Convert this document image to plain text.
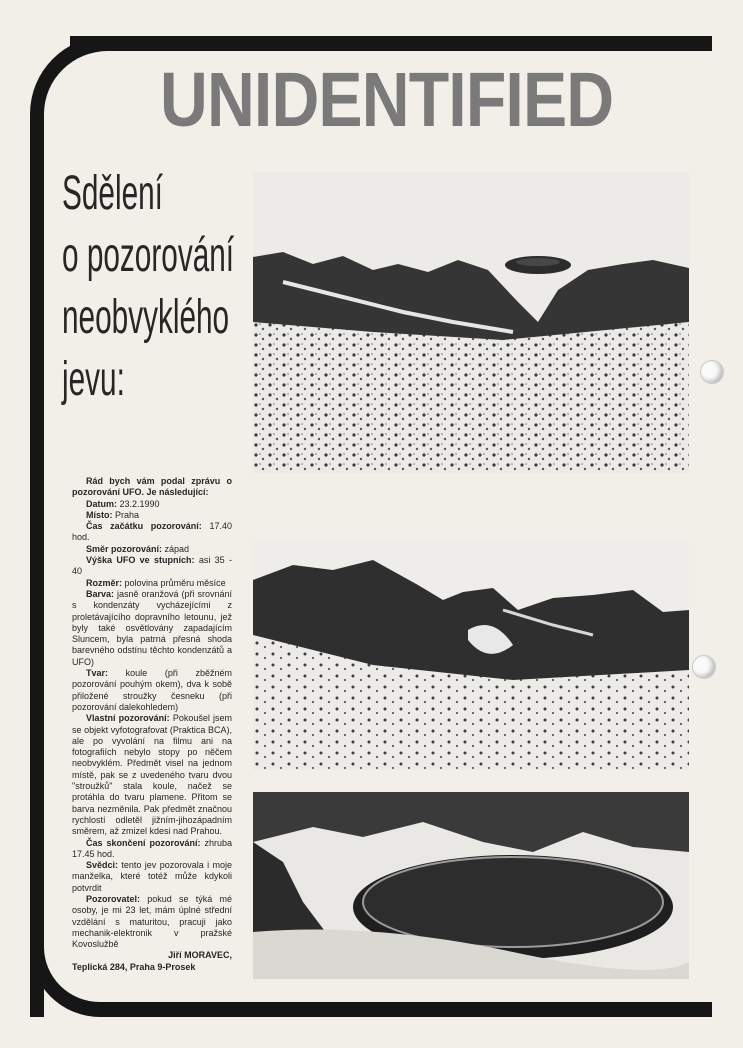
UNIDENTIFIED
Sdělení
o pozorování
neobvyklého
jevu:

Rád bych vám podal zprávu o pozorování UFO. Je následující:

Datum: 23.2.1990

Místo: Praha

Čas začátku pozorování: 17.40 hod.

Směr pozorování: západ

Výška UFO ve stupních: asi 35 - 40

Rozměr: polovina průměru měsíce

Barva: jasně oranžová (při srovnání s kondenzáty vycházejícími z proletávajícího dopravního letounu, jež byly také osvětlovány zapadajícím Sluncem, byla patrná přesná shoda barevného odstínu těchto kondenzátů a UFO)

Tvar: koule (při zběžném pozorování pouhým okem), dva k sobě přiložené stroužky česneku (při pozorování dalekohledem)

Vlastní pozorování: Pokoušel jsem se objekt vyfotografovat (Praktica BCA), ale po vyvolání na filmu ani na fotografiích nebylo stopy po něčem neobvyklém. Předmět visel na jednom místě, pak se z uvedeného tvaru dvou "stroužků" stala koule, načež se protáhla do tvaru plamene. Přitom se barva nezměnila. Pak předmět značnou rychlostí odletěl jižním-jihozápadním směrem, až zmizel kdesi nad Prahou.

Čas skončení pozorování: zhruba 17.45 hod.

Svědci: tento jev pozorovala i moje manželka, které totéž může kdykoli potvrdit

Pozorovatel: pokud se týká mé osoby, je mi 23 let, mám úplné střední vzdělání s maturitou, pracuji jako mechanik-elektronik v pražské Kovoslužbě

Jiří MORAVEC,

Teplická 284, Praha 9-Prosek
